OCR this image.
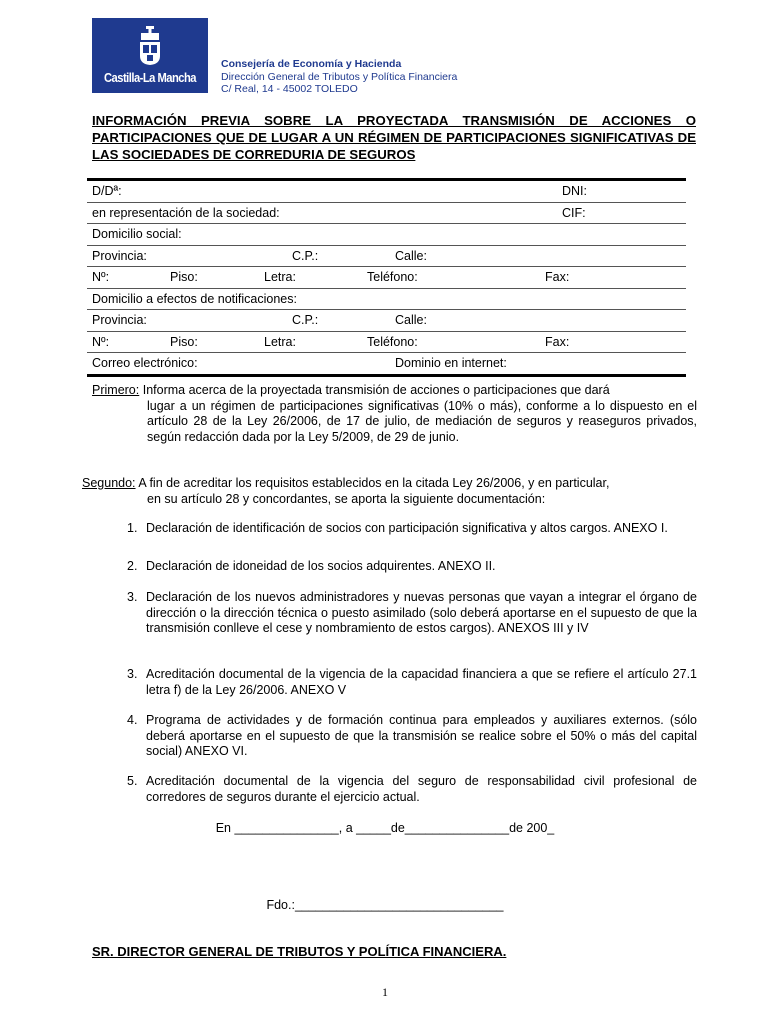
Castilla-La Mancha
Consejería de Economía y Hacienda
Dirección General de Tributos y Política Financiera
C/ Real, 14 - 45002 TOLEDO
INFORMACIÓN PREVIA SOBRE LA PROYECTADA TRANSMISIÓN DE ACCIONES O PARTICIPACIONES QUE DE LUGAR A UN RÉGIMEN DE PARTICIPACIONES SIGNIFICATIVAS DE LAS SOCIEDADES DE CORREDURIA DE SEGUROS
D/Dª:	DNI:
en representación de la sociedad:	CIF:
Domicilio social:
Provincia:	C.P.:	Calle:
Nº:	Piso:	Letra:	Teléfono:	Fax:
Domicilio a efectos de notificaciones:
Provincia:	C.P.:	Calle:
Nº:	Piso:	Letra:	Teléfono:	Fax:
Correo electrónico:	Dominio en internet:
Primero: Informa acerca de la proyectada transmisión de acciones o participaciones que dará
lugar a un régimen de participaciones significativas (10% o más), conforme a lo dispuesto en el artículo 28 de la Ley 26/2006, de 17 de julio, de mediación de seguros y reaseguros privados, según redacción dada por la Ley 5/2009, de 29 de junio.
Segundo: A fin de acreditar los requisitos establecidos en la citada Ley 26/2006, y en particular,
en su artículo 28 y concordantes, se aporta la siguiente documentación:
1. Declaración de identificación de socios con participación significativa y altos cargos. ANEXO I.
2. Declaración de idoneidad de los socios adquirentes. ANEXO II.
3. Declaración de los nuevos administradores y nuevas personas que vayan a integrar el órgano de dirección o la dirección técnica o puesto asimilado (solo deberá aportarse en el supuesto de que la transmisión conlleve el cese y nombramiento de estos cargos). ANEXOS III y IV
3. Acreditación documental de la vigencia de la capacidad financiera a que se refiere el artículo 27.1 letra f) de la Ley 26/2006. ANEXO V
4. Programa de actividades y de formación continua para empleados y auxiliares externos. (sólo deberá aportarse en el supuesto de que la transmisión se realice sobre el 50% o más del capital social) ANEXO VI.
5. Acreditación documental de la vigencia del seguro de responsabilidad civil profesional de corredores de seguros durante el ejercicio actual.
En _______________, a _____de_______________de 200_
Fdo.:______________________________
SR. DIRECTOR GENERAL DE TRIBUTOS Y POLÍTICA FINANCIERA.
1
